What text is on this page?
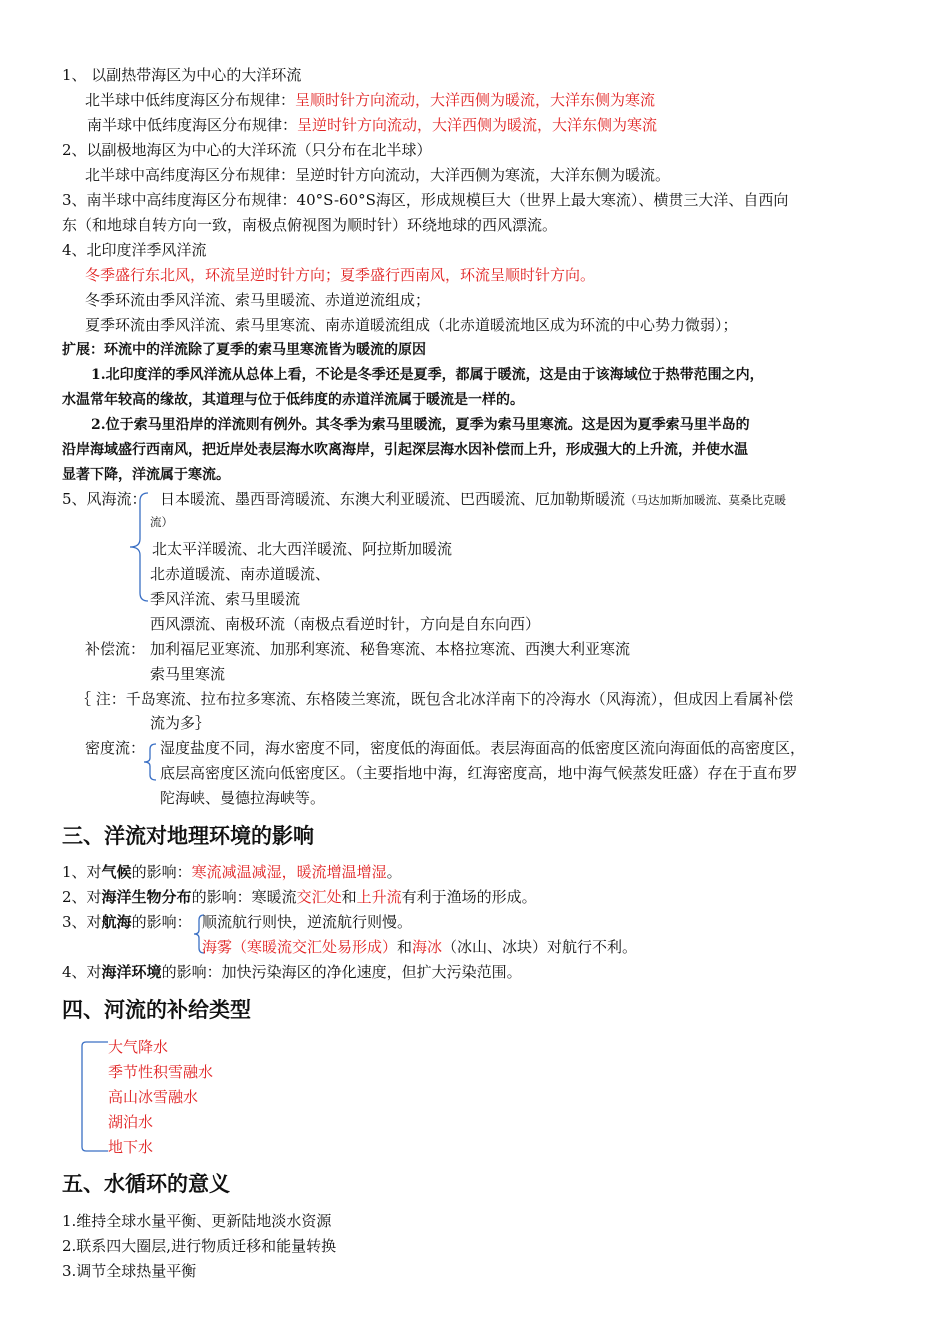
1、 以副热带海区为中心的大洋环流
北半球中低纬度海区分布规律：呈顺时针方向流动，大洋西侧为暖流，大洋东侧为寒流
南半球中低纬度海区分布规律：呈逆时针方向流动，大洋西侧为暖流，大洋东侧为寒流
2、以副极地海区为中心的大洋环流（只分布在北半球）
北半球中高纬度海区分布规律：呈逆时针方向流动，大洋西侧为寒流，大洋东侧为暖流。
3、南半球中高纬度海区分布规律：40°S-60°S海区，形成规模巨大（世界上最大寒流）、横贯三大洋、自西向
东（和地球自转方向一致，南极点俯视图为顺时针）环绕地球的西风漂流。
4、北印度洋季风洋流
冬季盛行东北风，环流呈逆时针方向；夏季盛行西南风，环流呈顺时针方向。
冬季环流由季风洋流、索马里暖流、赤道逆流组成；
夏季环流由季风洋流、索马里寒流、南赤道暖流组成（北赤道暖流地区成为环流的中心势力微弱）；
扩展：环流中的洋流除了夏季的索马里寒流皆为暖流的原因
1.北印度洋的季风洋流从总体上看，不论是冬季还是夏季，都属于暖流，这是由于该海域位于热带范围之内，
水温常年较高的缘故，其道理与位于低纬度的赤道洋流属于暖流是一样的。
2.位于索马里沿岸的洋流则有例外。其冬季为索马里暖流，夏季为索马里寒流。这是因为夏季索马里半岛的
沿岸海域盛行西南风，把近岸处表层海水吹离海岸，引起深层海水因补偿而上升，形成强大的上升流，并使水温
显著下降，洋流属于寒流。
5、风海流： 日本暖流、墨西哥湾暖流、东澳大利亚暖流、巴西暖流、厄加勒斯暖流（马达加斯加暖流、莫桑比克暖
流）
北太平洋暖流、北大西洋暖流、阿拉斯加暖流
北赤道暖流、南赤道暖流、
季风洋流、索马里暖流
西风漂流、南极环流（南极点看逆时针，方向是自东向西）
补偿流： 加利福尼亚寒流、加那利寒流、秘鲁寒流、本格拉寒流、西澳大利亚寒流
索马里寒流
｛ 注：千岛寒流、拉布拉多寒流、东格陵兰寒流，既包含北冰洋南下的冷海水（风海流），但成因上看属补偿
流为多｝
密度流： 湿度盐度不同，海水密度不同，密度低的海面低。表层海面高的低密度区流向海面低的高密度区，
底层高密度区流向低密度区。（主要指地中海，红海密度高，地中海气候蒸发旺盛）存在于直布罗
陀海峡、曼德拉海峡等。
三、洋流对地理环境的影响
1、对气候的影响：寒流减温减湿，暖流增温增湿。
2、对海洋生物分布的影响：寒暖流交汇处和上升流有利于渔场的形成。
3、对航海的影响： 顺流航行则快，逆流航行则慢。
海雾（寒暖流交汇处易形成）和海冰（冰山、冰块）对航行不利。
4、对海洋环境的影响：加快污染海区的净化速度，但扩大污染范围。
四、河流的补给类型
大气降水
季节性积雪融水
高山冰雪融水
湖泊水
地下水
五、水循环的意义
1.维持全球水量平衡、更新陆地淡水资源
2.联系四大圈层,进行物质迁移和能量转换
3.调节全球热量平衡
